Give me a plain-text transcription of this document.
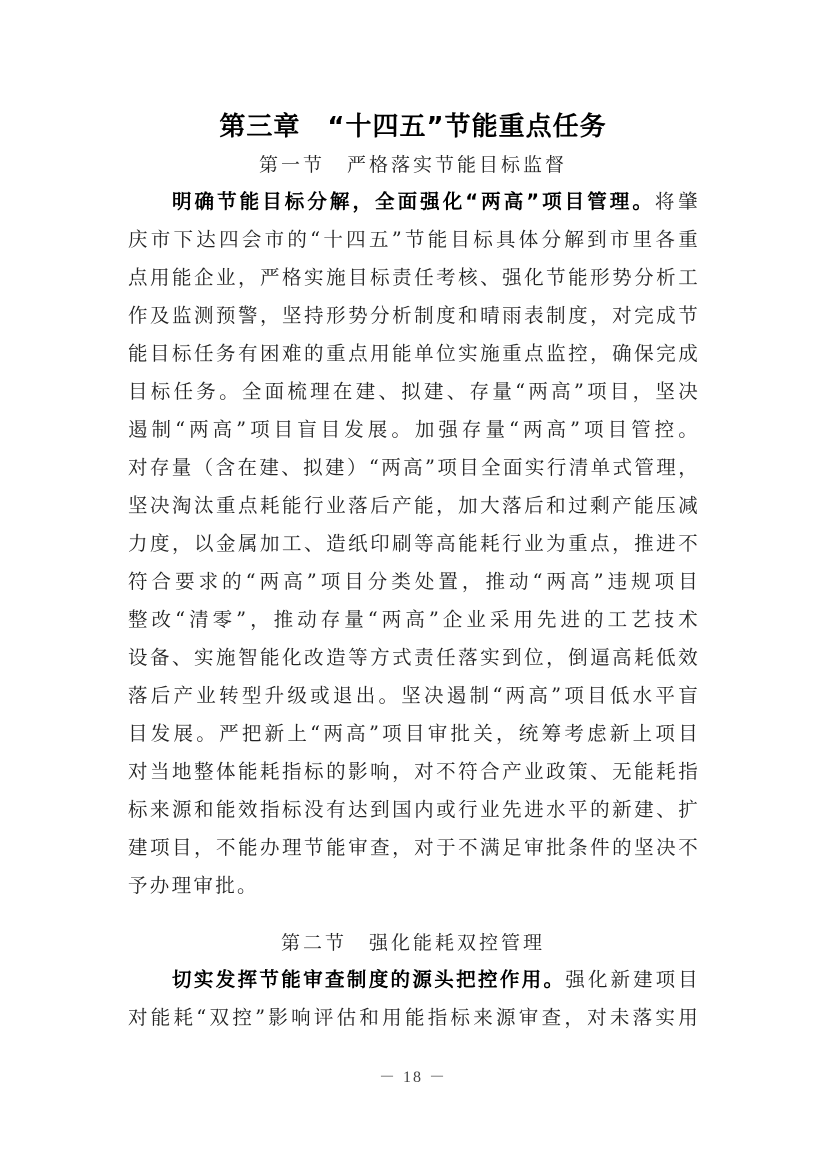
第三章　“十四五”节能重点任务
第一节　严格落实节能目标监督
明确节能目标分解，全面强化“两高”项目管理。将肇
庆市下达四会市的“十四五”节能目标具体分解到市里各重
点用能企业，严格实施目标责任考核、强化节能形势分析工
作及监测预警，坚持形势分析制度和晴雨表制度，对完成节
能目标任务有困难的重点用能单位实施重点监控，确保完成
目标任务。全面梳理在建、拟建、存量“两高”项目，坚决
遏制“两高”项目盲目发展。加强存量“两高”项目管控。
对存量（含在建、拟建）“两高”项目全面实行清单式管理，
坚决淘汰重点耗能行业落后产能，加大落后和过剩产能压减
力度，以金属加工、造纸印刷等高能耗行业为重点，推进不
符合要求的“两高”项目分类处置，推动“两高”违规项目
整改“清零”，推动存量“两高”企业采用先进的工艺技术
设备、实施智能化改造等方式责任落实到位，倒逼高耗低效
落后产业转型升级或退出。坚决遏制“两高”项目低水平盲
目发展。严把新上“两高”项目审批关，统筹考虑新上项目
对当地整体能耗指标的影响，对不符合产业政策、无能耗指
标来源和能效指标没有达到国内或行业先进水平的新建、扩
建项目，不能办理节能审查，对于不满足审批条件的坚决不
予办理审批。
第二节　强化能耗双控管理
切实发挥节能审查制度的源头把控作用。强化新建项目
对能耗“双控”影响评估和用能指标来源审查，对未落实用
－ 18 －
